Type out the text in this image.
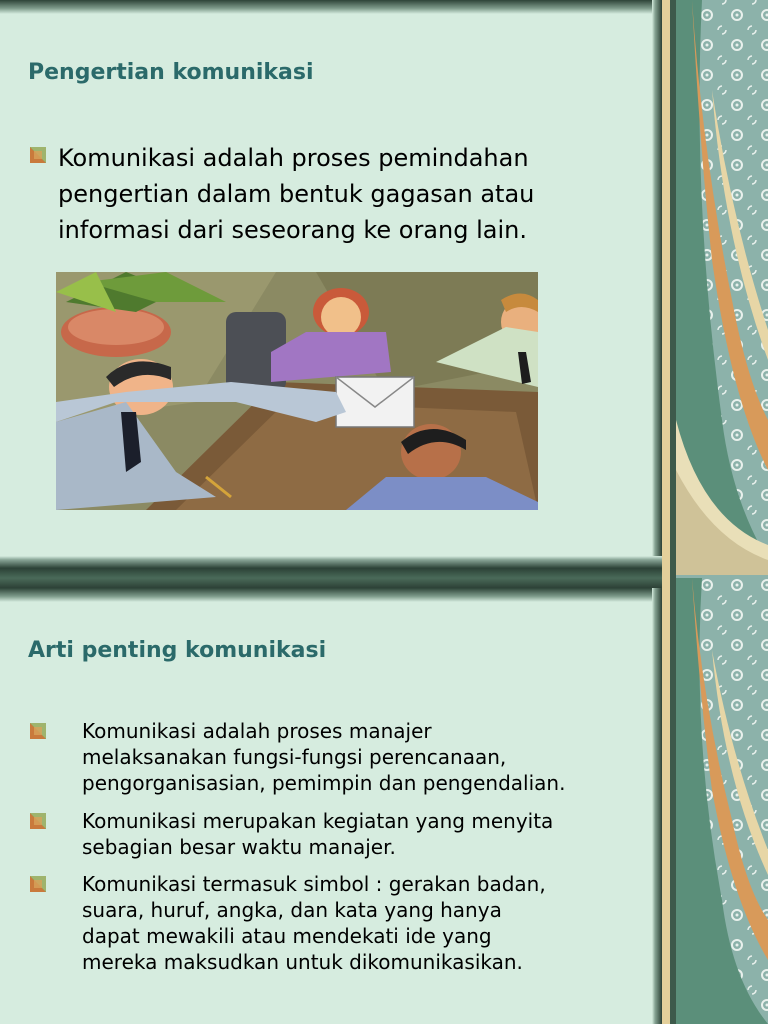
Pengertian komunikasi
Komunikasi adalah proses pemindahan
pengertian dalam bentuk gagasan atau
informasi dari seseorang ke orang lain.
Arti penting komunikasi
Komunikasi adalah proses manajer
melaksanakan fungsi-fungsi perencanaan,
pengorganisasian, pemimpin dan pengendalian.
Komunikasi merupakan kegiatan yang menyita
sebagian besar waktu manajer.
Komunikasi termasuk simbol : gerakan badan,
suara, huruf, angka, dan kata yang hanya
dapat mewakili atau mendekati ide yang
mereka maksudkan untuk dikomunikasikan.
